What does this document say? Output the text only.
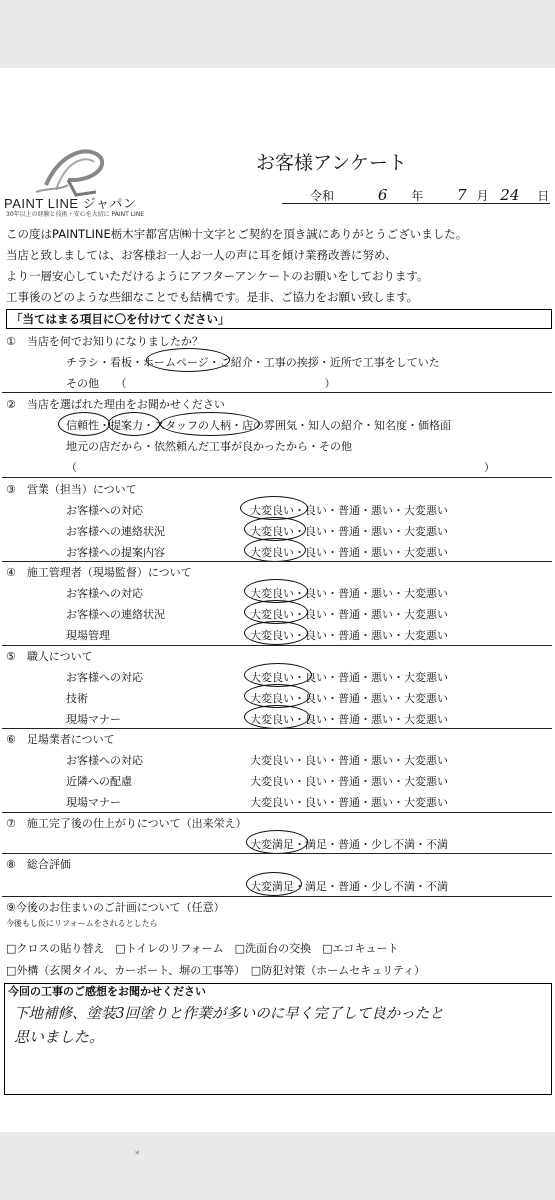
PAINT LINE ジャパン
30年以上の経験と技術・安心を大切に PAINT LINE
お客様アンケート
令和	6 年 7 月 24 日
この度はPAINTLINE栃木宇都宮店㈱十文字とご契約を頂き誠にありがとうございました。
当店と致しましては、お客様お一人お一人の声に耳を傾け業務改善に努め、
より一層安心していただけるようにアフターアンケートのお願いをしております。
工事後のどのような些細なことでも結構です。是非、ご協力をお願い致します。
「当てはまる項目に〇を付けてください」
①　当店を何でお知りになりましたか？
チラシ・看板・ホームページ・ご紹介・工事の挨拶・近所で工事をしていた
その他　　（　　　　　　　　　　　　　　　　　　）
②　当店を選ばれた理由をお聞かせください
信頼性・提案力・スタッフの人柄・店の雰囲気・知人の紹介・知名度・価格面
地元の店だから・依然頼んだ工事が良かったから・その他
（　　　　　　　　　　　　　　　　　　　　　　　　　　　　　　　　　　　　　）
③　営業（担当）について
お客様への対応
お客様への連絡状況
お客様への提案内容
大変良い・良い・普通・悪い・大変悪い
大変良い・良い・普通・悪い・大変悪い
大変良い・良い・普通・悪い・大変悪い
④　施工管理者（現場監督）について
お客様への対応
お客様への連絡状況
現場管理
大変良い・良い・普通・悪い・大変悪い
大変良い・良い・普通・悪い・大変悪い
大変良い・良い・普通・悪い・大変悪い
⑤　職人について
お客様への対応
技術
現場マナー
大変良い・良い・普通・悪い・大変悪い
大変良い・良い・普通・悪い・大変悪い
大変良い・良い・普通・悪い・大変悪い
⑥　足場業者について
お客様への対応
近隣への配慮
現場マナー
大変良い・良い・普通・悪い・大変悪い
大変良い・良い・普通・悪い・大変悪い
大変良い・良い・普通・悪い・大変悪い
⑦　施工完了後の仕上がりについて（出来栄え）
大変満足・満足・普通・少し不満・不満
⑧　総合評価
大変満足・満足・普通・少し不満・不満
⑨今後のお住まいのご計画について（任意）
今後もし仮にリフォームをされるとしたら
□クロスの貼り替え　□トイレのリフォーム　□洗面台の交換　□エコキュート
□外構（玄関タイル、カーポート、塀の工事等）　□防犯対策（ホームセキュリティ）
今回の工事のご感想をお聞かせください
下地補修、塗装3回塗りと作業が多いのに早く完了して良かったと
思いました。
*
